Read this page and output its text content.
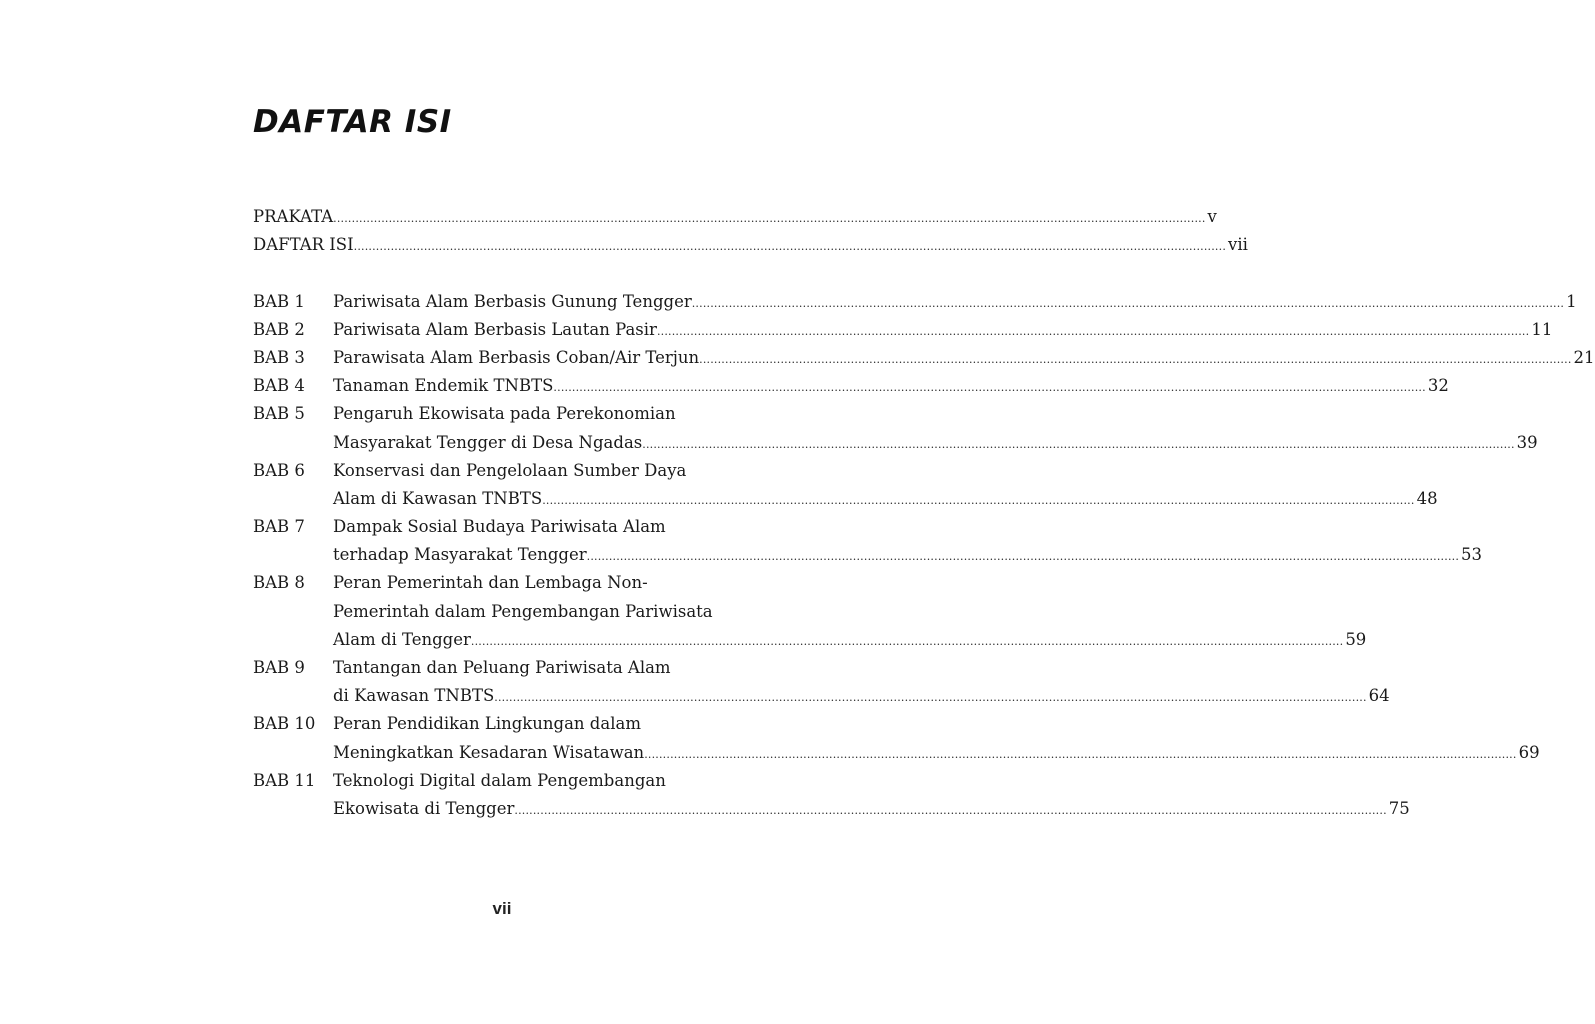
DAFTAR ISI
PRAKATA .....	v
DAFTAR ISI .....	vii
BAB 1	Pariwisata Alam Berbasis Gunung Tengger .....	1
BAB 2	Pariwisata Alam Berbasis Lautan Pasir .....	11
BAB 3	Parawisata Alam Berbasis Coban/Air Terjun .....	21
BAB 4	Tanaman Endemik TNBTS .....	32
BAB 5	Pengaruh Ekowisata pada Perekonomian
Masyarakat Tengger di Desa Ngadas .....	39
BAB 6	Konservasi dan Pengelolaan Sumber Daya
Alam di Kawasan TNBTS .....	48
BAB 7	Dampak Sosial Budaya Pariwisata Alam
terhadap Masyarakat Tengger .....	53
BAB 8	Peran Pemerintah dan Lembaga Non-
Pemerintah dalam Pengembangan Pariwisata
Alam di Tengger .....	59
BAB 9	Tantangan dan Peluang Pariwisata Alam
di Kawasan TNBTS .....	64
BAB 10	Peran Pendidikan Lingkungan dalam
Meningkatkan Kesadaran Wisatawan .....	69
BAB 11	Teknologi Digital dalam Pengembangan
Ekowisata di Tengger .....	75
vii
